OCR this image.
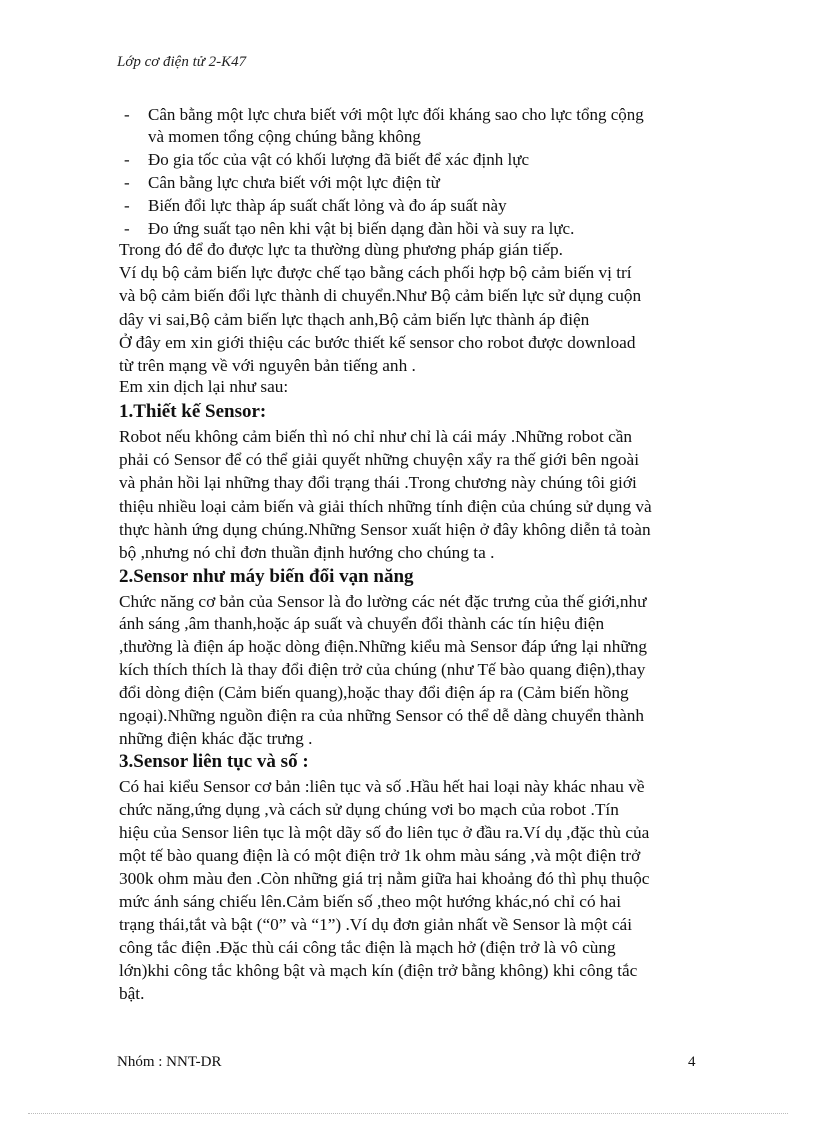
Lớp cơ điện tử 2-K47
- Cân bằng một lực chưa biết với một lực đối kháng sao cho lực tổng cộng
và momen tổng cộng chúng bằng không
- Đo gia tốc của vật có khối lượng đã biết để xác định lực
- Cân bằng lực chưa biết với một lực điện từ
- Biến đổi lực thàp áp suất chất lỏng và đo áp suất này
- Đo ứng suất tạo nên khi vật bị biến dạng đàn hồi và suy ra lực.
Trong đó để đo được lực ta thường dùng phương pháp gián tiếp.
Ví dụ bộ cảm biến lực được chế tạo bằng cách phối hợp bộ cảm biến vị trí
và bộ cảm biến đổi lực thành di chuyển.Như Bộ cảm biến lực sử dụng cuộn
dây vi sai,Bộ cảm biến lực thạch anh,Bộ cảm biến lực thành áp điện
Ở đây em xin giới thiệu các bước thiết kế sensor cho robot được download
từ trên mạng về với nguyên bản tiếng anh .
Em xin dịch lại như sau:
1.Thiết kế Sensor:
Robot nếu không cảm biến thì nó chỉ như chỉ là cái máy .Những robot cần
phải có Sensor để có thể giải quyết những chuyện xẩy ra thế giới bên ngoài
và phản hồi lại những thay đổi trạng thái .Trong chương này chúng tôi giới
thiệu nhiều loại cảm biến và giải thích những tính điện của chúng sử dụng và
thực hành ứng dụng chúng.Những Sensor xuất hiện ở đây không diễn tả toàn
bộ ,nhưng nó chỉ đơn thuần định hướng cho chúng ta .
2.Sensor như máy biến đổi vạn năng
Chức năng cơ bản của Sensor là đo lường các nét đặc trưng của thế giới,như
ánh sáng ,âm thanh,hoặc áp suất và chuyển đổi thành các tín hiệu điện
,thường là điện áp hoặc dòng điện.Những kiểu mà Sensor đáp ứng lại những
kích thích thích là thay đổi điện trở của chúng (như Tế bào quang điện),thay
đổi dòng điện (Cảm biến quang),hoặc thay đổi điện áp ra (Cảm biến hồng
ngoại).Những nguồn điện ra của những Sensor có thể dễ dàng chuyển thành
những điện khác đặc trưng .
3.Sensor liên tục và số :
Có hai kiểu Sensor cơ bản :liên tục và số .Hầu hết hai loại này khác nhau về
chức năng,ứng dụng ,và cách sử dụng chúng vơi bo mạch của robot .Tín
hiệu của Sensor liên tục là một dãy số đo liên tục ở đầu ra.Ví dụ ,đặc thù của
một tế bào quang điện là có một điện trở 1k ohm màu sáng ,và một điện trở
300k ohm màu đen .Còn những giá trị nằm giữa hai khoảng đó thì phụ thuộc
mức ánh sáng chiếu lên.Cảm biến số ,theo một hướng khác,nó chỉ có hai
trạng thái,tắt và bật (“0” và “1”) .Ví dụ đơn giản nhất về Sensor là một cái
công tắc điện .Đặc thù cái công tắc điện là mạch hở (điện trở là vô cùng
lớn)khi công tắc không bật và mạch kín (điện trở bằng không) khi công tắc
bật.
Nhóm : NNT-DR	4
